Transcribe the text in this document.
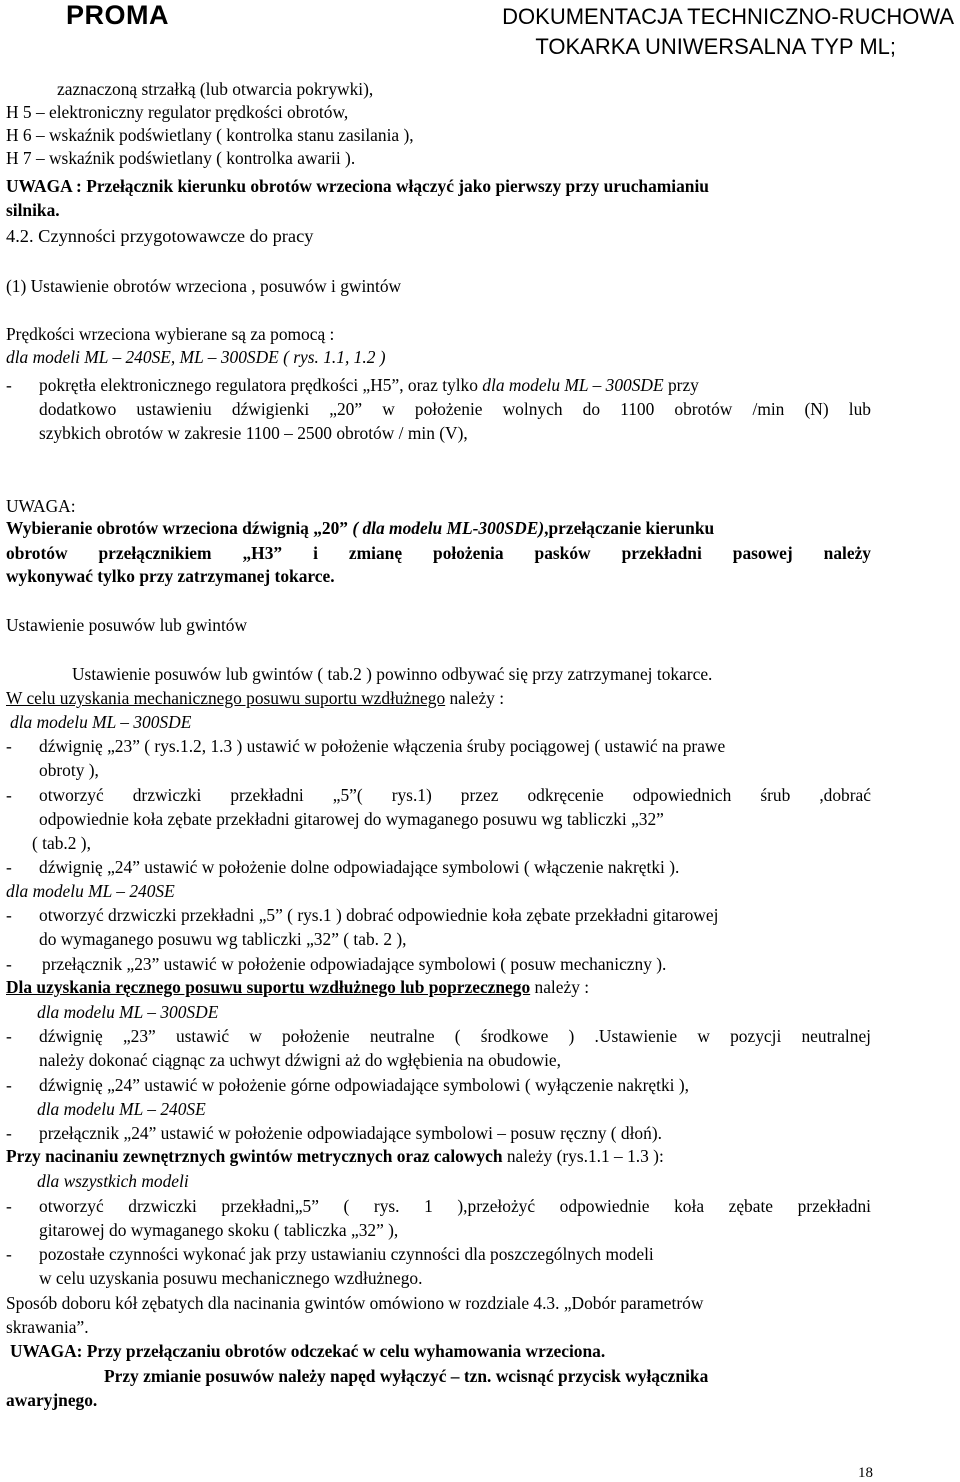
PROMA	DOKUMENTACJA TECHNICZNO-RUCHOWA
TOKARKA UNIWERSALNA TYP ML;
zaznaczoną strzałką (lub otwarcia pokrywki),
H 5 – elektroniczny regulator prędkości obrotów,
H 6 – wskaźnik podświetlany ( kontrolka stanu zasilania ),
H 7 – wskaźnik podświetlany ( kontrolka awarii ).
UWAGA : Przełącznik kierunku obrotów wrzeciona włączyć jako pierwszy przy uruchamianiu
silnika.
4.2. Czynności przygotowawcze do pracy
(1) Ustawienie obrotów wrzeciona , posuwów i gwintów
Prędkości wrzeciona wybierane są za pomocą :
dla modeli ML – 240SE, ML – 300SDE ( rys. 1.1, 1.2 )
- pokrętła elektronicznego regulatora prędkości „H5”, oraz tylko dla modelu ML – 300SDE przy
dodatkowo ustawieniu dźwigienki „20” w położenie wolnych do 1100 obrotów /min (N) lub
szybkich obrotów w zakresie 1100 – 2500 obrotów / min (V),
UWAGA:
Wybieranie obrotów wrzeciona dźwignią „20” ( dla modelu ML-300SDE),przełączanie kierunku
obrotów przełącznikiem „H3” i zmianę położenia pasków przekładni pasowej należy
wykonywać tylko przy zatrzymanej tokarce.
Ustawienie posuwów lub gwintów
Ustawienie posuwów lub gwintów ( tab.2 ) powinno odbywać się przy zatrzymanej tokarce.
W celu uzyskania mechanicznego posuwu suportu wzdłużnego należy :
dla modelu ML – 300SDE
- dźwignię „23” ( rys.1.2, 1.3 ) ustawić w położenie włączenia śruby pociągowej ( ustawić na prawe
obroty ),
- otworzyć drzwiczki przekładni „5”( rys.1) przez odkręcenie odpowiednich śrub ,dobrać
odpowiednie koła zębate przekładni gitarowej do wymaganego posuwu wg tabliczki „32”
( tab.2 ),
- dźwignię „24” ustawić w położenie dolne odpowiadające symbolowi ( włączenie nakrętki ).
dla modelu ML – 240SE
- otworzyć drzwiczki przekładni „5” ( rys.1 ) dobrać odpowiednie koła zębate przekładni gitarowej
do wymaganego posuwu wg tabliczki „32” ( tab. 2 ),
- przełącznik „23” ustawić w położenie odpowiadające symbolowi ( posuw mechaniczny ).
Dla uzyskania ręcznego posuwu suportu wzdłużnego lub poprzecznego należy :
dla modelu ML – 300SDE
- dźwignię „23” ustawić w położenie neutralne ( środkowe ) .Ustawienie w pozycji neutralnej
należy dokonać ciągnąc za uchwyt dźwigni aż do wgłębienia na obudowie,
- dźwignię „24” ustawić w położenie górne odpowiadające symbolowi ( wyłączenie nakrętki ),
dla modelu ML – 240SE
- przełącznik „24” ustawić w położenie odpowiadające symbolowi – posuw ręczny ( dłoń).
Przy nacinaniu zewnętrznych gwintów metrycznych oraz calowych należy (rys.1.1 – 1.3 ):
dla wszystkich modeli
- otworzyć drzwiczki przekładni„5” ( rys. 1 ),przełożyć odpowiednie koła zębate przekładni
gitarowej do wymaganego skoku ( tabliczka „32” ),
- pozostałe czynności wykonać jak przy ustawianiu czynności dla poszczególnych modeli
w celu uzyskania posuwu mechanicznego wzdłużnego.
Sposób doboru kół zębatych dla nacinania gwintów omówiono w rozdziale 4.3. „Dobór parametrów
skrawania”.
UWAGA: Przy przełączaniu obrotów odczekać w celu wyhamowania wrzeciona.
Przy zmianie posuwów należy napęd wyłączyć – tzn. wcisnąć przycisk wyłącznika
awaryjnego.
18
